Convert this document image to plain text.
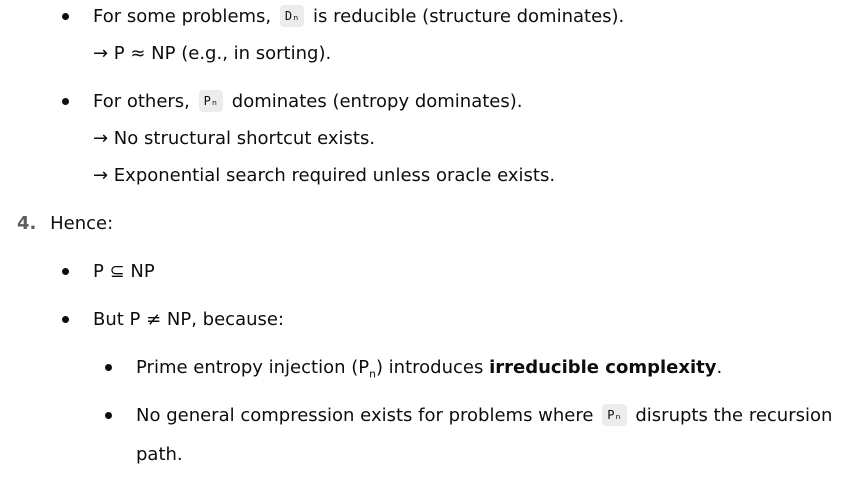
For some problems, Dₙ is reducible (structure dominates).
→ P ≈ NP (e.g., in sorting).
For others, Pₙ dominates (entropy dominates).
→ No structural shortcut exists.
→ Exponential search required unless oracle exists.
4. Hence:
P ⊆ NP
But P ≠ NP, because:
Prime entropy injection $(P_n)$ introduces irreducible complexity.
No general compression exists for problems where Pₙ disrupts the recursion
path.
